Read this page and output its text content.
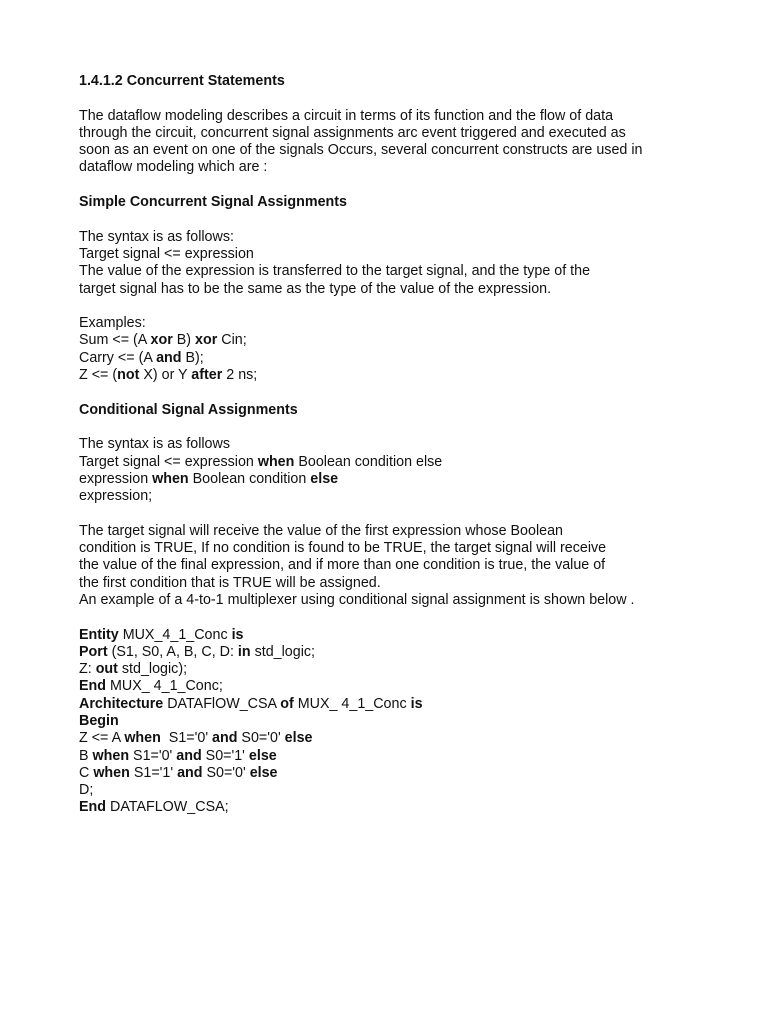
1.4.1.2 Concurrent Statements
The dataflow modeling describes a circuit in terms of its function and the flow of data
through the circuit, concurrent signal assignments arc event triggered and executed as
soon as an event on one of the signals Occurs, several concurrent constructs are used in
dataflow modeling which are :
Simple Concurrent Signal Assignments
The syntax is as follows:
Target signal <= expression
The value of the expression is transferred to the target signal, and the type of the
target signal has to be the same as the type of the value of the expression.
Examples:
Sum <= (A xor B) xor Cin;
Carry <= (A and B);
Z <= (not X) or Y after 2 ns;
Conditional Signal Assignments
The syntax is as follows
Target signal <= expression when Boolean condition else
expression when Boolean condition else
expression;
The target signal will receive the value of the first expression whose Boolean
condition is TRUE, If no condition is found to be TRUE, the target signal will receive
the value of the final expression, and if more than one condition is true, the value of
the first condition that is TRUE will be assigned.
An example of a 4-to-1 multiplexer using conditional signal assignment is shown below .
Entity MUX_4_1_Conc is
Port (S1, S0, A, B, C, D: in std_logic;
Z: out std_logic);
End MUX_ 4_1_Conc;
Architecture DATAFlOW_CSA of MUX_ 4_1_Conc is
Begin
Z <= A when  S1='0' and S0='0' else
B when S1='0' and S0='1' else
C when S1='1' and S0='0' else
D;
End DATAFLOW_CSA;
